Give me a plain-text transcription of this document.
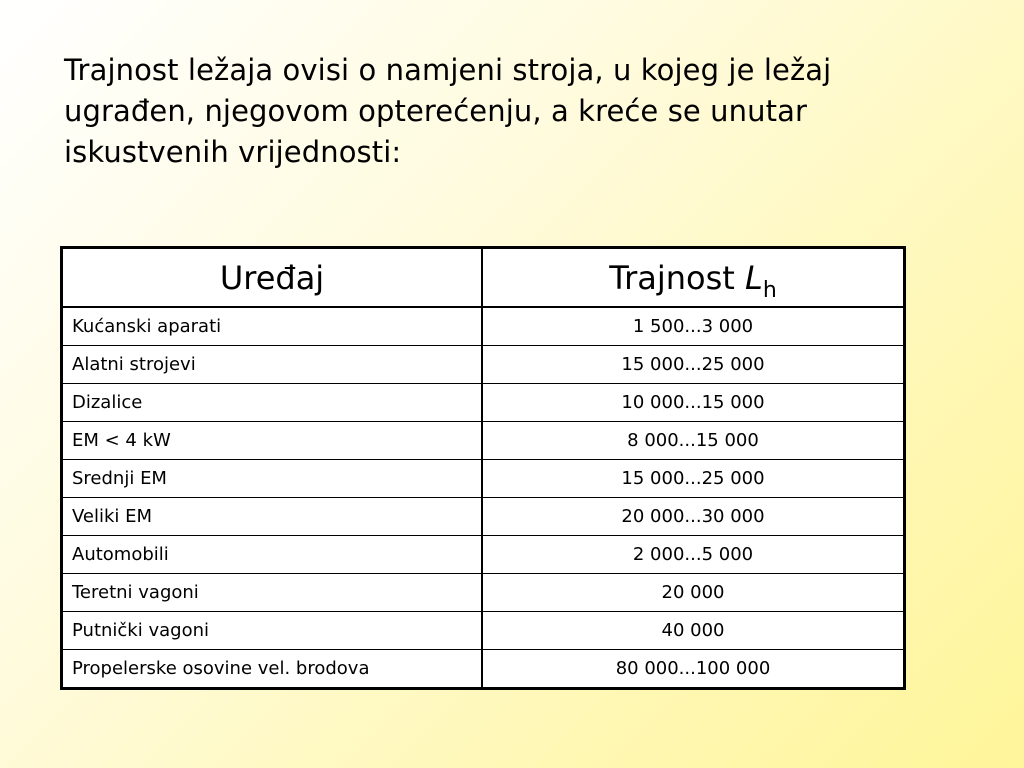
Trajnost ležaja ovisi o namjeni stroja, u kojeg je ležaj ugrađen, njegovom opterećenju, a kreće se unutar iskustvenih vrijednosti:

Uređaj	Trajnost $L_h$
Kućanski aparati	1 500...3 000
Alatni strojevi	15 000...25 000
Dizalice	10 000...15 000
EM < 4 kW	8 000...15 000
Srednji EM	15 000...25 000
Veliki EM	20 000...30 000
Automobili	2 000...5 000
Teretni vagoni	20 000
Putnički vagoni	40 000
Propelerske osovine vel. brodova	80 000...100 000
